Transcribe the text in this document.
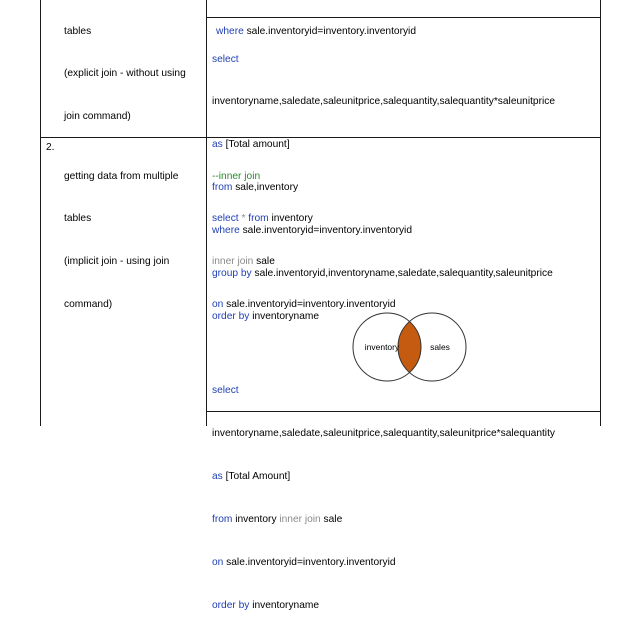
tables

(explicit join - without using

join command)

where sale.inventoryid=inventory.inventoryid

select

inventoryname,saledate,saleunitprice,salequantity,salequantity*saleunitprice

as [Total amount]

from sale,inventory

where sale.inventoryid=inventory.inventoryid

group by sale.inventoryid,inventoryname,saledate,salequantity,saleunitprice

order by inventoryname

2.

getting data from multiple

tables

(implicit join - using join

command)

--inner join

select * from inventory

inner join sale

on sale.inventoryid=inventory.inventoryid

select

inventoryname,saledate,saleunitprice,salequantity,saleunitprice*salequantity

as [Total Amount]

from inventory inner join sale

on sale.inventoryid=inventory.inventoryid

order by inventoryname

inventory	sales
